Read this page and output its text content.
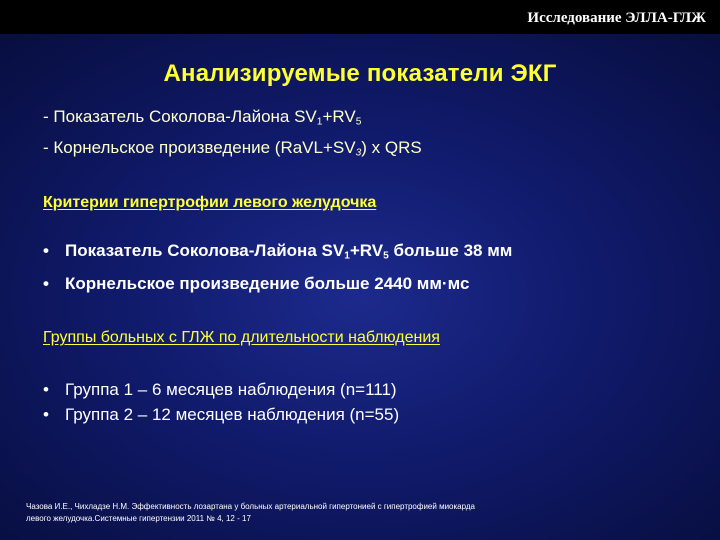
Исследование ЭЛЛА-ГЛЖ
Анализируемые показатели ЭКГ
- Показатель Соколова-Лайона $SV_1+RV_5$
- Корнельское произведение $(RaVL+SV_3)$ х QRS
Критерии гипертрофии левого желудочка
• Показатель Соколова-Лайона $SV_1+RV_5$ больше 38 мм
• Корнельское произведение больше 2440 мм·мс
Группы больных с ГЛЖ по длительности наблюдения
• Группа 1 – 6 месяцев наблюдения (n=111)
• Группа 2 – 12 месяцев наблюдения (n=55)
Чазова И.Е., Чихладзе Н.М. Эффективность лозартана у больных артериальной гипертонией с гипертрофией миокарда
левого желудочка.Системные гипертензии 2011 № 4, 12 - 17
